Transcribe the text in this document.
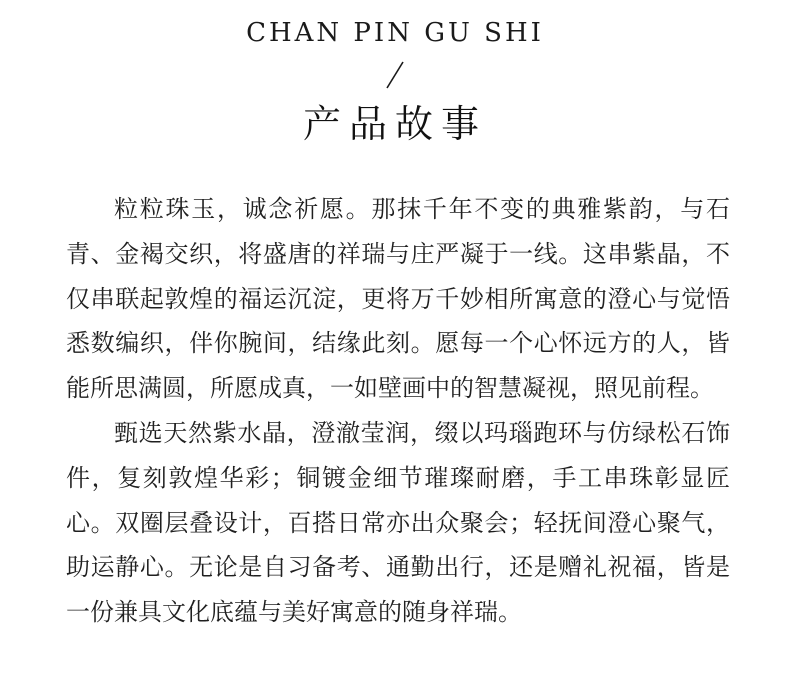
CHAN PIN GU SHI
产品故事

粒粒珠玉，诚念祈愿。那抹千年不变的典雅紫韵，与石青、金褐交织，将盛唐的祥瑞与庄严凝于一线。这串紫晶，不仅串联起敦煌的福运沉淀，更将万千妙相所寓意的澄心与觉悟悉数编织，伴你腕间，结缘此刻。愿每一个心怀远方的人，皆能所思满圆，所愿成真，一如壁画中的智慧凝视，照见前程。

甄选天然紫水晶，澄澈莹润，缀以玛瑙跑环与仿绿松石饰件，复刻敦煌华彩；铜镀金细节璀璨耐磨，手工串珠彰显匠心。双圈层叠设计，百搭日常亦出众聚会；轻抚间澄心聚气，助运静心。无论是自习备考、通勤出行，还是赠礼祝福，皆是一份兼具文化底蕴与美好寓意的随身祥瑞。
